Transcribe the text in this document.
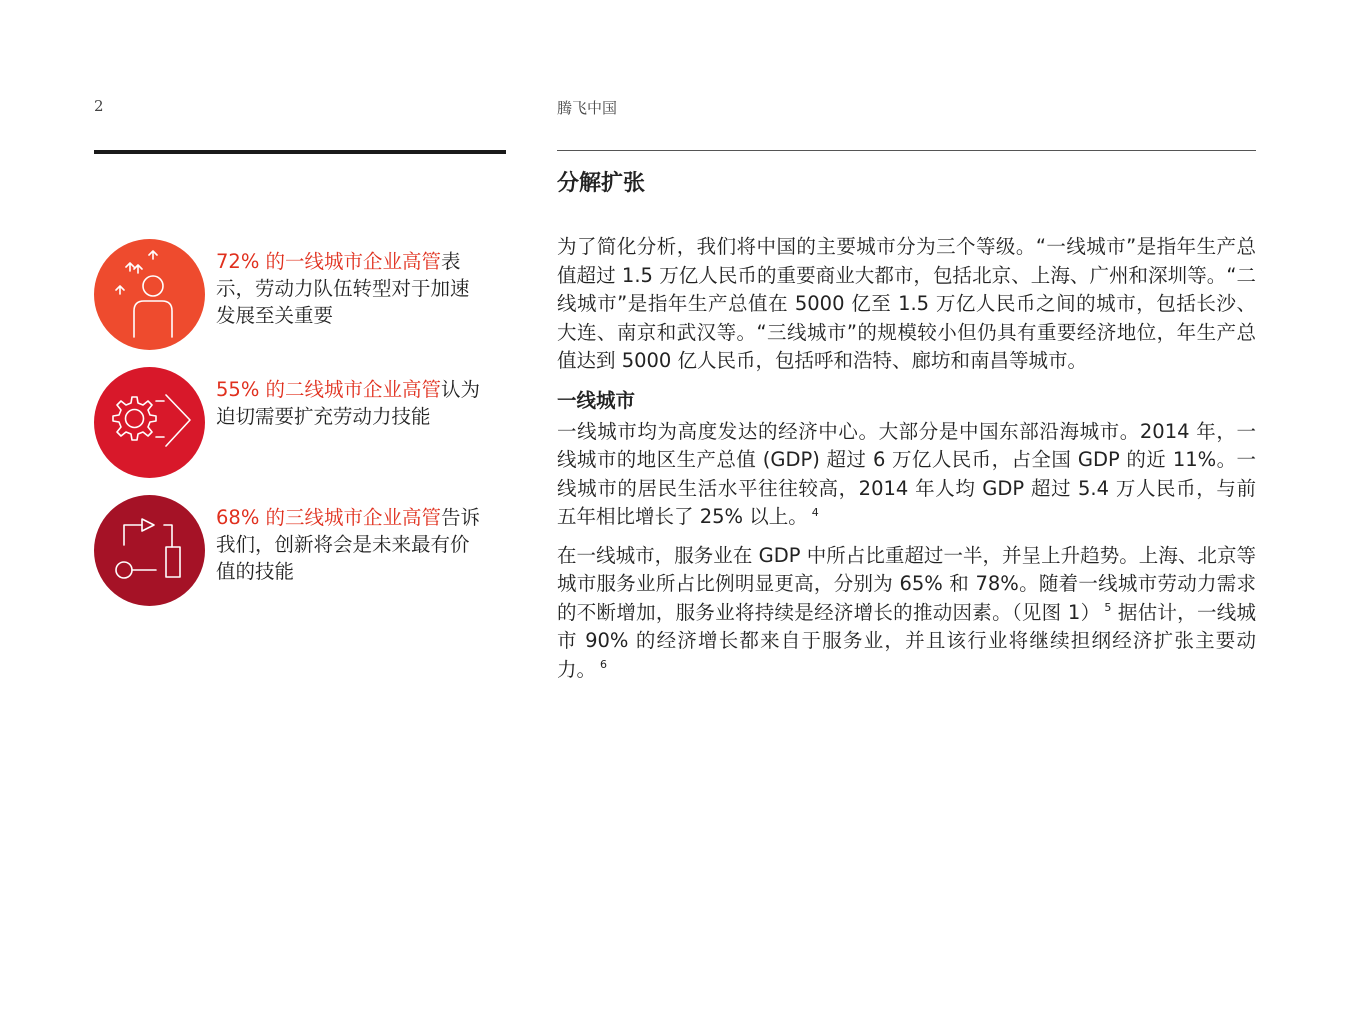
2	腾飞中国
72% 的一线城市企业高管表示，劳动力队伍转型对于加速发展至关重要
55% 的二线城市企业高管认为迫切需要扩充劳动力技能
68% 的三线城市企业高管告诉我们，创新将会是未来最有价值的技能
分解扩张

为了简化分析，我们将中国的主要城市分为三个等级。“一线城市”是指年生产总值超过 1.5 万亿人民币的重要商业大都市，包括北京、上海、广州和深圳等。“二线城市”是指年生产总值在 5000 亿至 1.5 万亿人民币之间的城市，包括长沙、大连、南京和武汉等。“三线城市”的规模较小但仍具有重要经济地位，年生产总值达到 5000 亿人民币，包括呼和浩特、廊坊和南昌等城市。

一线城市

一线城市均为高度发达的经济中心。大部分是中国东部沿海城市。2014 年，一线城市的地区生产总值 (GDP) 超过 6 万亿人民币，占全国 GDP 的近 11%。一线城市的居民生活水平往往较高，2014 年人均 GDP 超过 5.4 万人民币，与前五年相比增长了 25% 以上。 $^4$

在一线城市，服务业在 GDP 中所占比重超过一半，并呈上升趋势。上海、北京等城市服务业所占比例明显更高，分别为 65% 和 78%。随着一线城市劳动力需求的不断增加，服务业将持续是经济增长的推动因素。（见图 1） $^5$ 据估计，一线城市 90% 的经济增长都来自于服务业，并且该行业将继续担纲经济扩张主要动力。 $^6$
